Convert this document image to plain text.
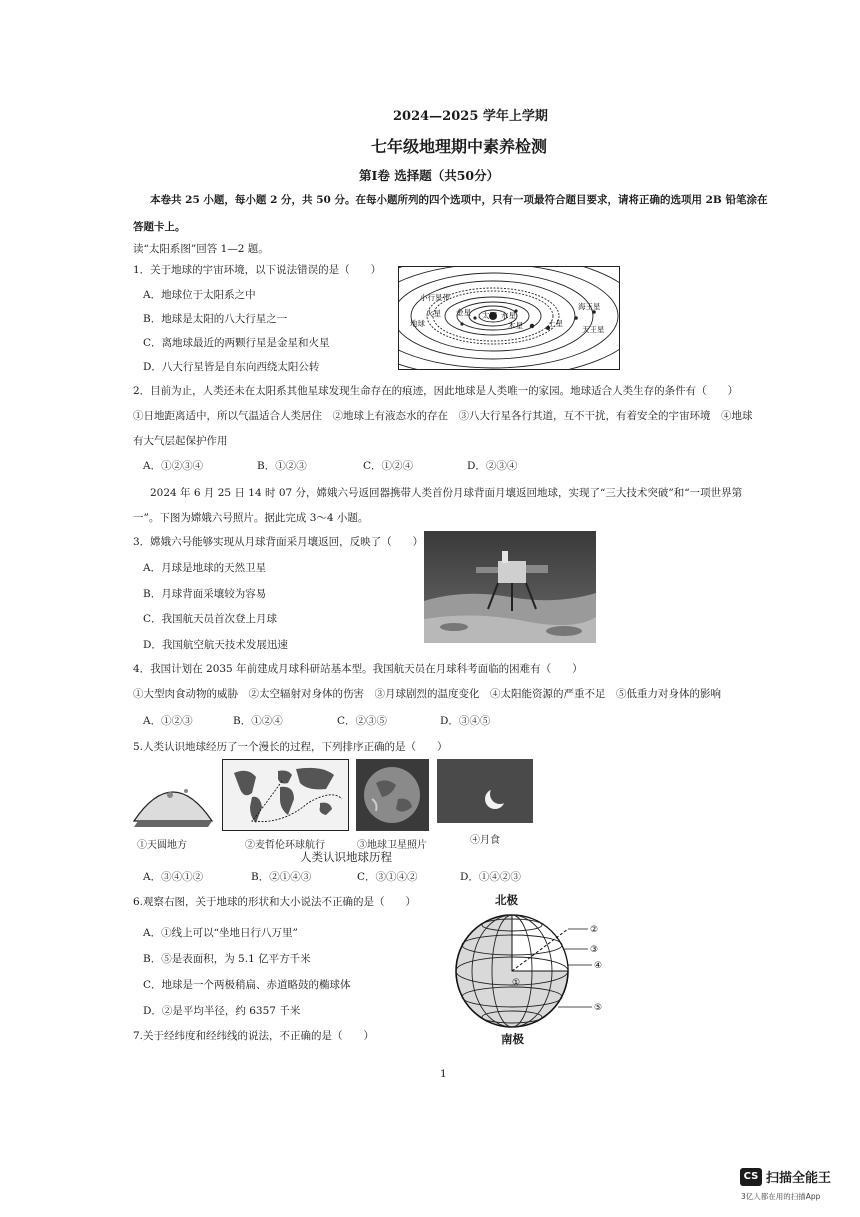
2024—2025 学年上学期
七年级地理期中素养检测
第Ⅰ卷 选择题（共50分）
本卷共 25 小题，每小题 2 分，共 50 分。在每小题所列的四个选项中，只有一项最符合题目要求，请将正确的选项用 2B 铅笔涂在
答题卡上。
读“太阳系图”回答 1—2 题。
1．关于地球的宇宙环境，以下说法错误的是（　　）
A．地球位于太阳系之中
B．地球是太阳的八大行星之一
C．离地球最近的两颗行星是金星和火星
D．八大行星皆是自东向西绕太阳公转
小行星带
海王星
天王星
火星
木星	土星
金星	水星
地球
太阳
2．目前为止，人类还未在太阳系其他星球发现生命存在的痕迹，因此地球是人类唯一的家园。地球适合人类生存的条件有（　　）
①日地距离适中，所以气温适合人类居住　②地球上有液态水的存在　③八大行星各行其道，互不干扰，有着安全的宇宙环境　④地球
有大气层起保护作用
A．①②③④	B．①②③	C．①②④	D．②③④
2024 年 6 月 25 日 14 时 07 分，嫦娥六号返回器携带人类首份月球背面月壤返回地球，实现了“三大技术突破”和“一项世界第
一”。下图为嫦娥六号照片。据此完成 3～4 小题。
3．嫦娥六号能够实现从月球背面采月壤返回，反映了（　　）
A．月球是地球的天然卫星
B．月球背面采壤较为容易
C．我国航天员首次登上月球
D．我国航空航天技术发展迅速
4．我国计划在 2035 年前建成月球科研站基本型。我国航天员在月球科考面临的困难有（　　）
①大型肉食动物的威胁　②太空辐射对身体的伤害　③月球剧烈的温度变化　④太阳能资源的严重不足　⑤低重力对身体的影响
A．①②③	B．①②④	C．②③⑤	D．③④⑤
5.人类认识地球经历了一个漫长的过程，下列排序正确的是（　　）
①天圆地方	②麦哲伦环球航行	③地球卫星照片	④月食
人类认识地球历程
A．③④①②	B．②①④③	C．③①④②	D．①④②③
6.观察右图，关于地球的形状和大小说法不正确的是（　　）
A．①线上可以“坐地日行八万里”
B．⑤是表面积，为 5.1 亿平方千米
C．地球是一个两极稍扁、赤道略鼓的椭球体
D．②是平均半径，约 6357 千米
②
③
④
⑤
①
北极
南极
7.关于经纬度和经纬线的说法，不正确的是（　　）
1
CS 扫描全能王
3亿人都在用的扫描App
